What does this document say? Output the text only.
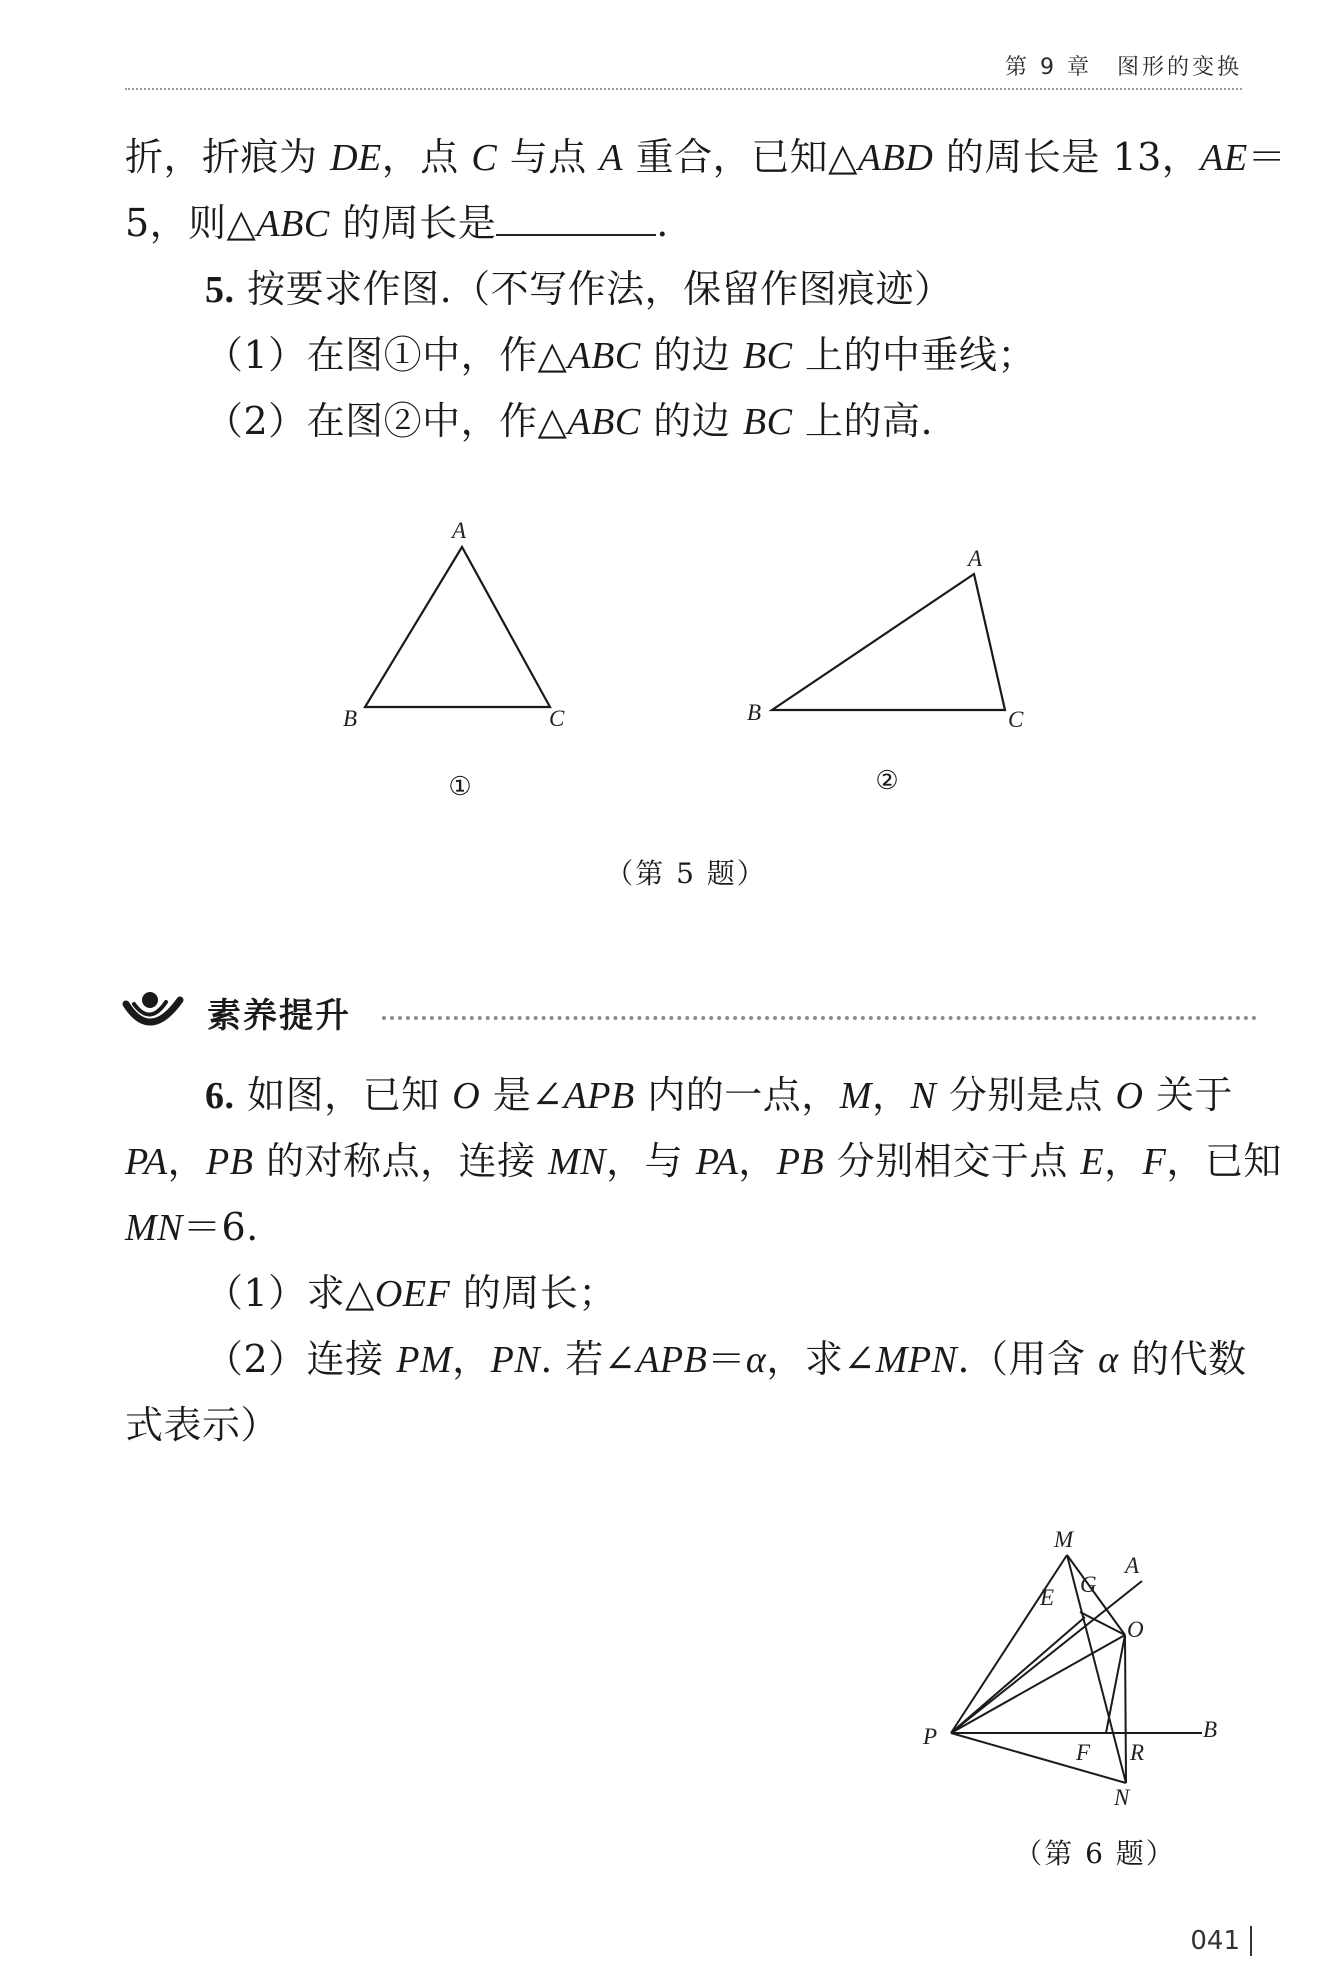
第 9 章　图形的变换
折，折痕为 DE，点 C 与点 A 重合，已知△ABD 的周长是 13，AE＝
5，则△ABC 的周长是	.
5. 按要求作图.（不写作法，保留作图痕迹）
（1）在图①中，作△ABC 的边 BC 上的中垂线；
（2）在图②中，作△ABC 的边 BC 上的高.
A
B	C
A
B	C
①	②
（第 5 题）
素养提升
6. 如图，已知 O 是∠APB 内的一点，M，N 分别是点 O 关于
PA，PB 的对称点，连接 MN，与 PA，PB 分别相交于点 E，F，已知
MN＝6.
（1）求△OEF 的周长；
（2）连接 PM，PN. 若∠APB＝α，求∠MPN.（用含 α 的代数
式表示）
M
A
G
E
O
P	B
F R
N
（第 6 题）
041
